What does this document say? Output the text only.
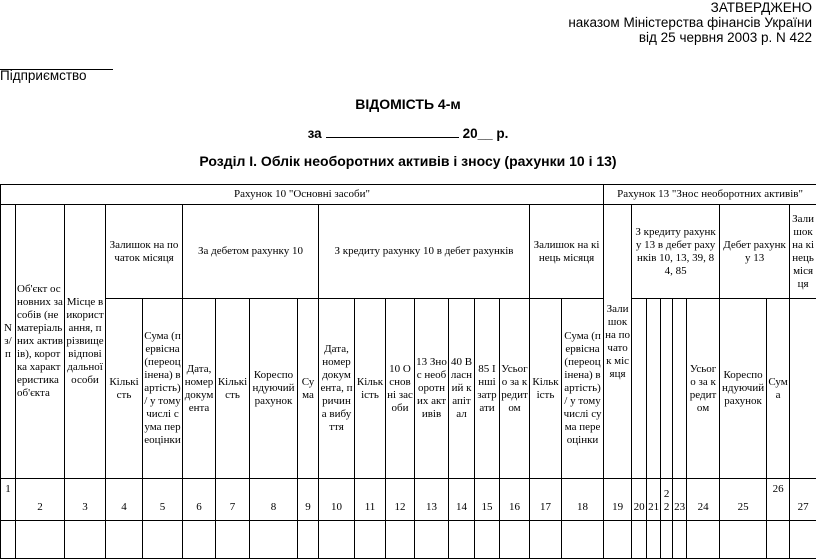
ЗАТВЕРДЖЕНО
наказом Міністерства фінансів України
від 25 червня 2003 р. N 422
Підприємство
ВІДОМІСТЬ 4-м
за	20__ р.
Розділ І. Облік необоротних активів і зносу (рахунки 10 і 13)
Рахунок 10 "Основні засоби"																		Рахунок 13 "Знос необоротних активів"								
N з/п	Об'єкт основних засобів (нематеріальних активів), коротка характеристика об'єкта	Місце використання, прізвище відповідальної особи	Залишок на початок місяця		За дебетом рахунку 10				З кредиту рахунку 10 в дебет рахунків							Залишок на кінець місяця		Залишок на початок місяця	З кредиту рахунку 13 в дебет рахунків 10, 13, 39, 84, 85					Дебет рахунку 13		Залишок на кінець місяця
			Кількість	Сума (первісна (переоцінена) вартість) / у тому числі сума переоцінки	Дата, номер документа	Кількість	Кореспондуючий рахунок	Сума	Дата, номер документа, причина вибуття	Кількість	10 Основні засоби	13 Знос необоротних активів	40 Власний капітал	85 Інші затрати	Усього за кредитом	Кількість	Сума (первісна (переоцінена) вартість) / у тому числі сума переоцінки						Усього за кредитом	Кореспондуючий рахунок	Сума	
1	2	3	4	5	6	7	8	9	10	11	12	13	14	15	16	17	18	19	20	21	22	23	24	25	26	27
